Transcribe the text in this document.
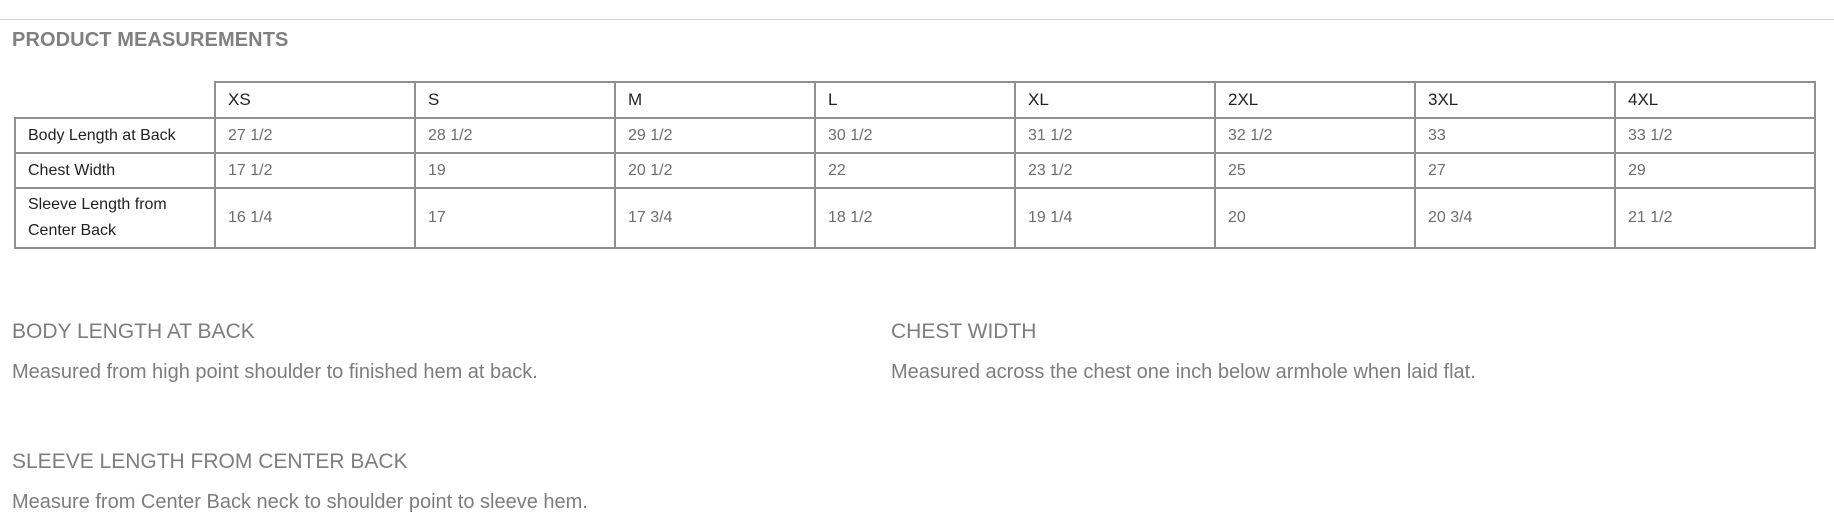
PRODUCT MEASUREMENTS
	XS	S	M	L	XL	2XL	3XL	4XL
Body Length at Back	27 1/2	28 1/2	29 1/2	30 1/2	31 1/2	32 1/2	33	33 1/2
Chest Width	17 1/2	19	20 1/2	22	23 1/2	25	27	29
Sleeve Length from Center Back	16 1/4	17	17 3/4	18 1/2	19 1/4	20	20 3/4	21 1/2
BODY LENGTH AT BACK

Measured from high point shoulder to finished hem at back.

CHEST WIDTH

Measured across the chest one inch below armhole when laid flat.

SLEEVE LENGTH FROM CENTER BACK

Measure from Center Back neck to shoulder point to sleeve hem.
